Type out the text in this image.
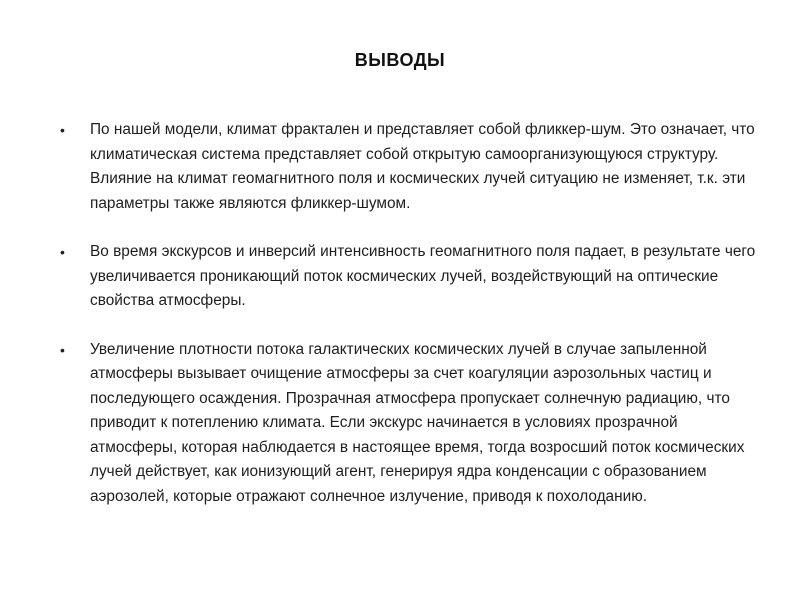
ВЫВОДЫ
• По нашей модели, климат фрактален и представляет собой фликкер-шум. Это означает, что климатическая система представляет собой открытую самоорганизующуюся структуру. Влияние на климат геомагнитного поля и космических лучей ситуацию не изменяет, т.к. эти параметры также являются фликкер-шумом.
• Во время экскурсов и инверсий интенсивность геомагнитного поля падает, в результате чего увеличивается проникающий поток космических лучей, воздействующий на оптические свойства атмосферы.
• Увеличение плотности потока галактических космических лучей в случае запыленной атмосферы вызывает очищение атмосферы за счет коагуляции аэрозольных частиц и последующего осаждения. Прозрачная атмосфера пропускает солнечную радиацию, что приводит к потеплению климата. Если экскурс начинается в условиях прозрачной атмосферы, которая наблюдается в настоящее время, тогда возросший поток космических лучей действует, как ионизующий агент, генерируя ядра конденсации с образованием аэрозолей, которые отражают солнечное излучение, приводя к похолоданию.
